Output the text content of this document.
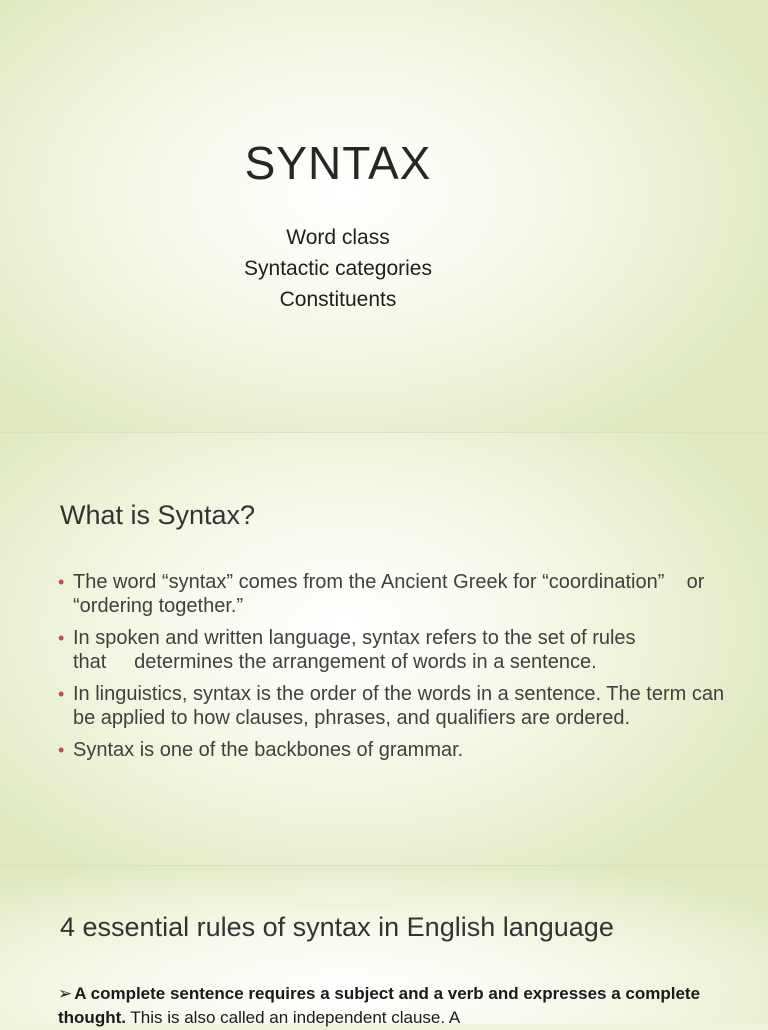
SYNTAX
Word class
Syntactic categories
Constituents
What is Syntax?
• The word “syntax” comes from the Ancient Greek for “coordination”    or “ordering together.”
• In spoken and written language, syntax refers to the set of rules that     determines the arrangement of words in a sentence.
• In linguistics, syntax is the order of the words in a sentence. The term can be applied to how clauses, phrases, and qualifiers are ordered.
• Syntax is one of the backbones of grammar.
4 essential rules of syntax in English language
➢ A complete sentence requires a subject and a verb and expresses a complete thought. This is also called an independent clause. A
